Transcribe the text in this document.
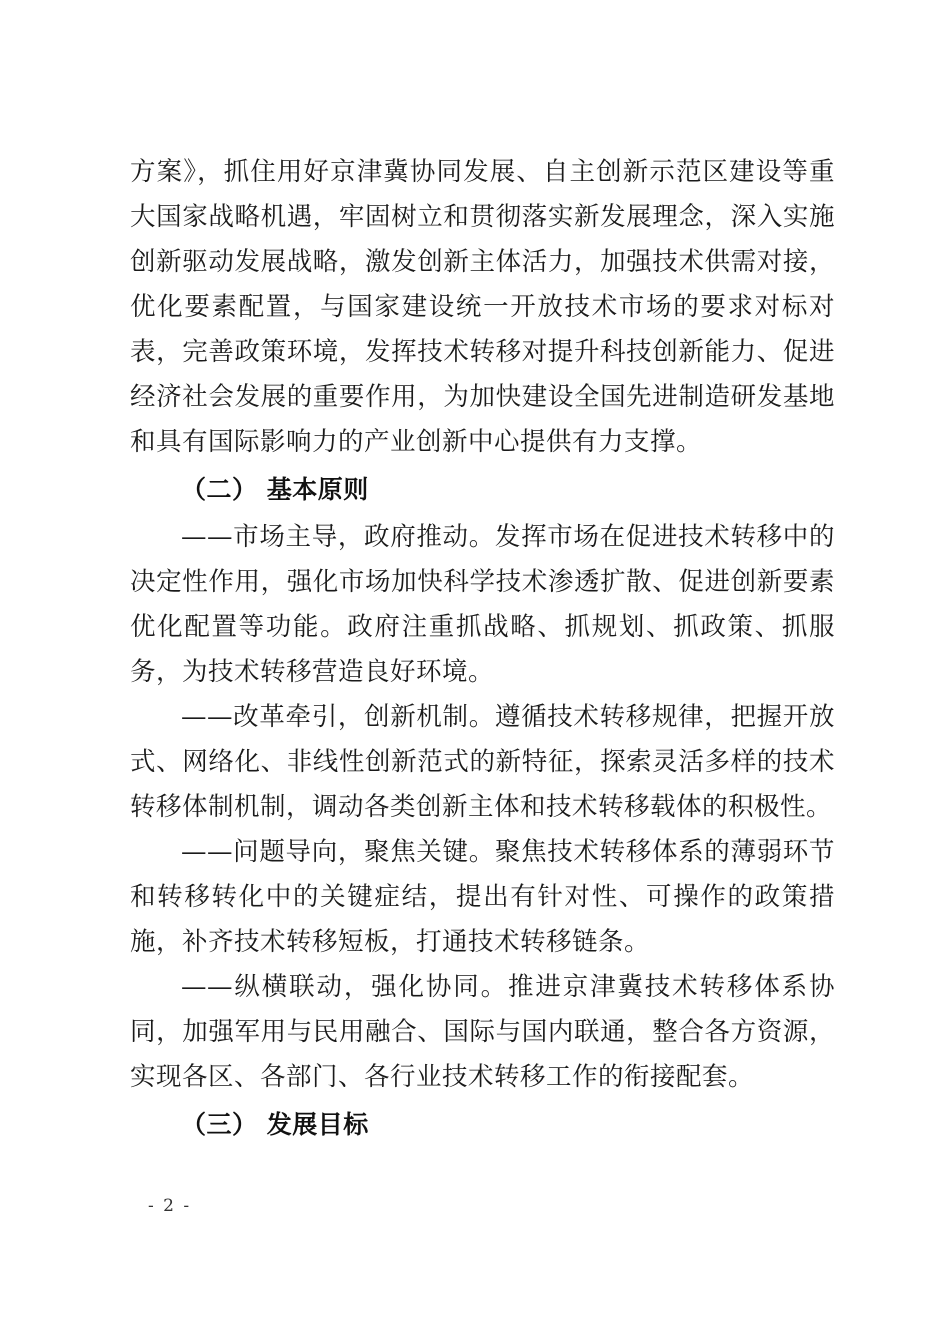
方案》，抓住用好京津冀协同发展、自主创新示范区建设等重大国家战略机遇，牢固树立和贯彻落实新发展理念，深入实施创新驱动发展战略，激发创新主体活力，加强技术供需对接，优化要素配置，与国家建设统一开放技术市场的要求对标对表，完善政策环境，发挥技术转移对提升科技创新能力、促进经济社会发展的重要作用，为加快建设全国先进制造研发基地和具有国际影响力的产业创新中心提供有力支撑。

（二） 基本原则

——市场主导，政府推动。发挥市场在促进技术转移中的决定性作用，强化市场加快科学技术渗透扩散、促进创新要素优化配置等功能。政府注重抓战略、抓规划、抓政策、抓服务，为技术转移营造良好环境。

——改革牵引，创新机制。遵循技术转移规律，把握开放式、网络化、非线性创新范式的新特征，探索灵活多样的技术转移体制机制，调动各类创新主体和技术转移载体的积极性。

——问题导向，聚焦关键。聚焦技术转移体系的薄弱环节和转移转化中的关键症结，提出有针对性、可操作的政策措施，补齐技术转移短板，打通技术转移链条。

——纵横联动，强化协同。推进京津冀技术转移体系协同，加强军用与民用融合、国际与国内联通，整合各方资源，实现各区、各部门、各行业技术转移工作的衔接配套。

（三） 发展目标

- 2 -
